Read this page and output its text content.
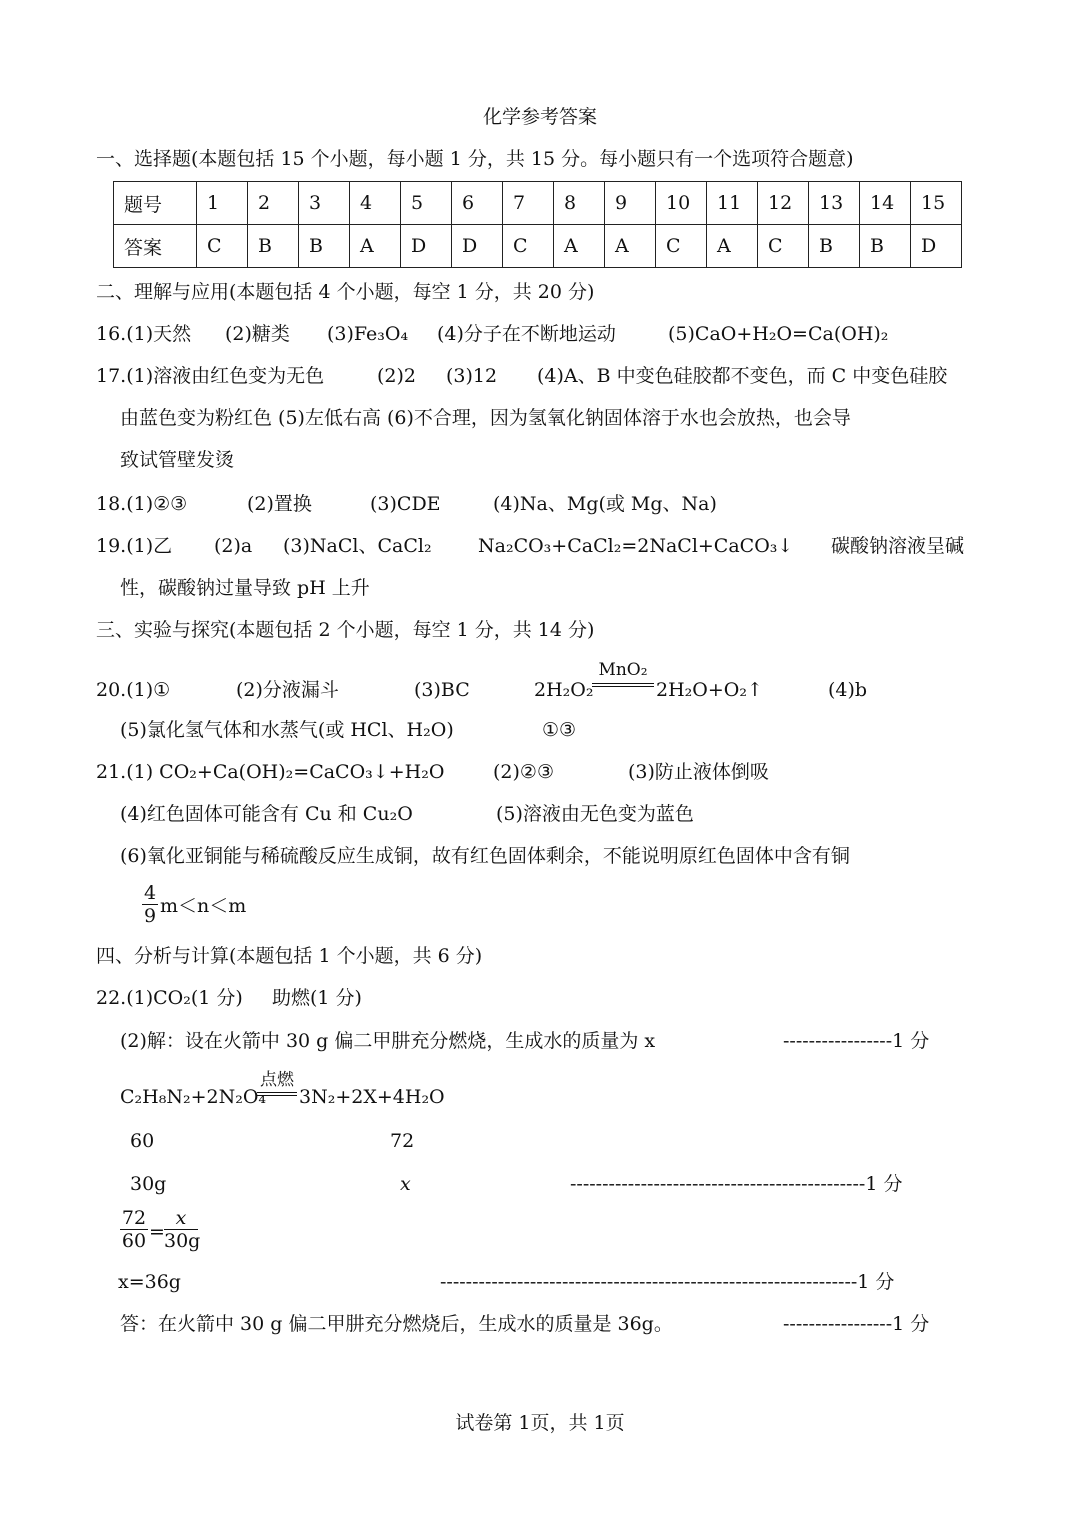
化学参考答案
一、选择题(本题包括 15 个小题，每小题 1 分，共 15 分。每小题只有一个选项符合题意)
题号	1	2	3	4	5	6	7	8	9	10	11	12	13	14	15
答案	C	B	B	A	D	D	C	A	A	C	A	C	B	B	D
二、理解与应用(本题包括 4 个小题，每空 1 分，共 20 分)
16.(1)天然 (2)糖类 (3)Fe₃O₄ (4)分子在不断地运动	(5)CaO+H₂O=Ca(OH)₂
17.(1)溶液由红色变为无色	(2)2 (3)12 (4)A、B 中变色硅胶都不变色，而 C 中变色硅胶
由蓝色变为粉红色 (5)左低右高 (6)不合理，因为氢氧化钠固体溶于水也会放热，也会导
致试管壁发烫
18.(1)②③	(2)置换	(3)CDE	(4)Na、Mg(或 Mg、Na)
19.(1)乙 (2)a (3)NaCl、CaCl₂ Na₂CO₃+CaCl₂=2NaCl+CaCO₃↓ 碳酸钠溶液呈碱
性，碳酸钠过量导致 pH 上升
三、实验与探究(本题包括 2 个小题，每空 1 分，共 14 分)
20.(1)①	(2)分液漏斗	(3)BC	2H₂O₂
MnO₂
2H₂O+O₂↑	(4)b
(5)氯化氢气体和水蒸气(或 HCl、H₂O)	①③
21.(1) CO₂+Ca(OH)₂=CaCO₃↓+H₂O	(2)②③	(3)防止液体倒吸
(4)红色固体可能含有 Cu 和 Cu₂O	(5)溶液由无色变为蓝色
(6)氧化亚铜能与稀硫酸反应生成铜，故有红色固体剩余，不能说明原红色固体中含有铜
$\frac{4}{9} m<n<m$
四、分析与计算(本题包括 1 个小题，共 6 分)
22.(1)CO₂(1 分) 助燃(1 分)
(2)解：设在火箭中 30 g 偏二甲肼充分燃烧，生成水的质量为 x	-----------------1 分
C₂H₈N₂+2N₂O₄
点燃
3N₂+2X+4H₂O
60	72
30g	x	----------------------------------------------1 分
$\frac{72}{60} = \frac{x}{30g}$
x=36g	-----------------------------------------------------------------1 分
答：在火箭中 30 g 偏二甲肼充分燃烧后，生成水的质量是 36g。	-----------------1 分
试卷第 1页，共 1页
